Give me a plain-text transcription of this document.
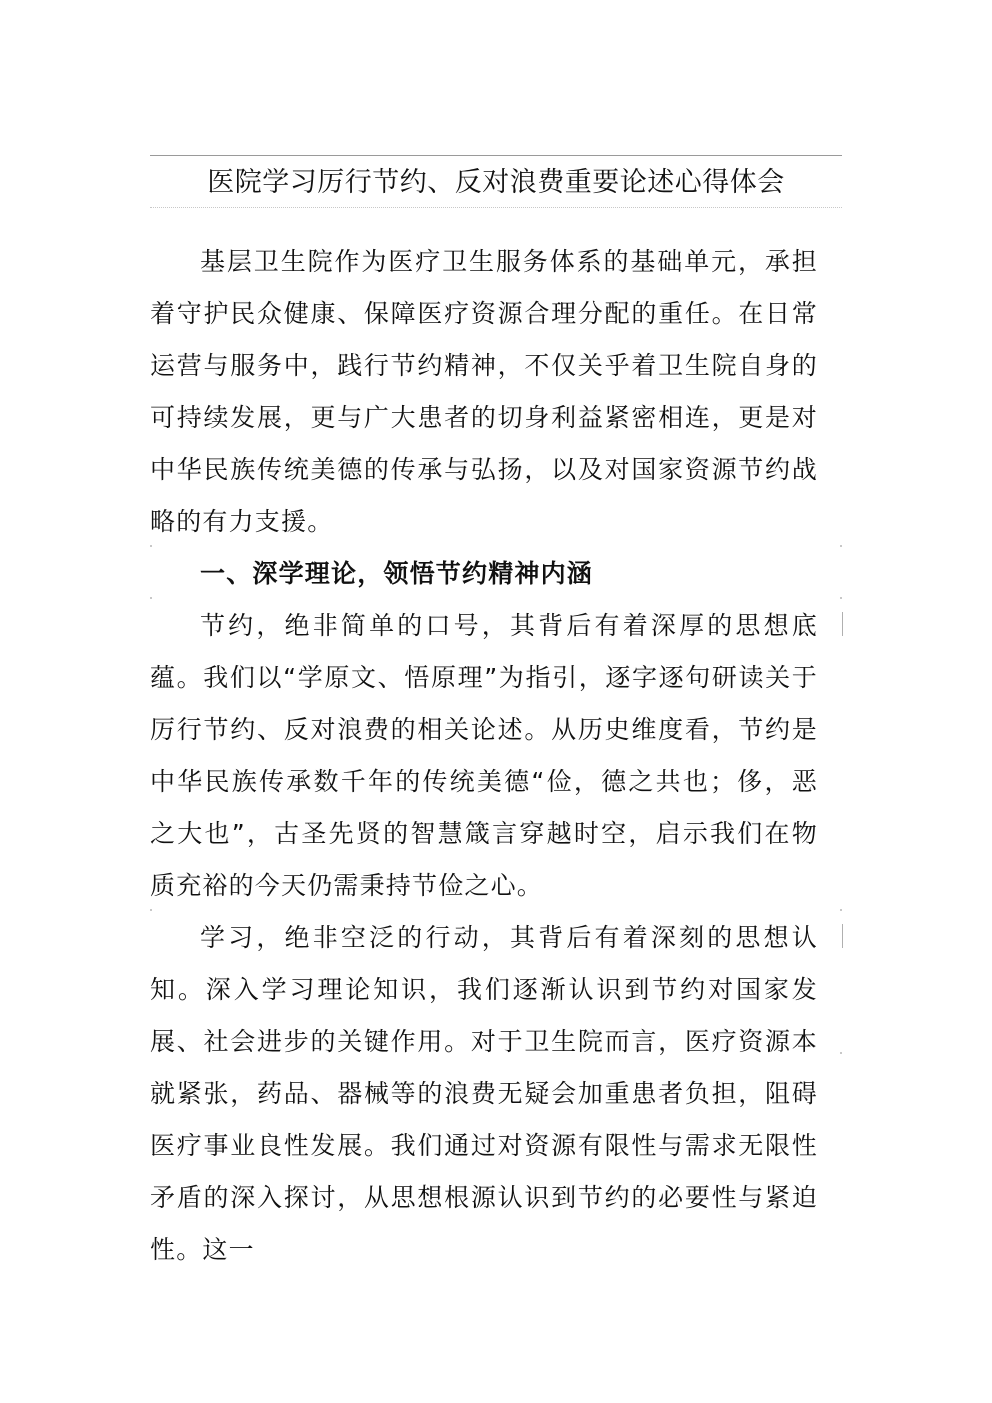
医院学习厉行节约、反对浪费重要论述心得体会

基层卫生院作为医疗卫生服务体系的基础单元，承担着守护民众健康、保障医疗资源合理分配的重任。在日常运营与服务中，践行节约精神，不仅关乎着卫生院自身的可持续发展，更与广大患者的切身利益紧密相连，更是对中华民族传统美德的传承与弘扬，以及对国家资源节约战略的有力支援。

一、深学理论，领悟节约精神内涵

节约，绝非简单的口号，其背后有着深厚的思想底蕴。我们以“学原文、悟原理”为指引，逐字逐句研读关于厉行节约、反对浪费的相关论述。从历史维度看，节约是中华民族传承数千年的传统美德“俭，德之共也；侈，恶之大也”，古圣先贤的智慧箴言穿越时空，启示我们在物质充裕的今天仍需秉持节俭之心。

学习，绝非空泛的行动，其背后有着深刻的思想认知。深入学习理论知识，我们逐渐认识到节约对国家发展、社会进步的关键作用。对于卫生院而言，医疗资源本就紧张，药品、器械等的浪费无疑会加重患者负担，阻碍医疗事业良性发展。我们通过对资源有限性与需求无限性矛盾的深入探讨，从思想根源认识到节约的必要性与紧迫性。这一
